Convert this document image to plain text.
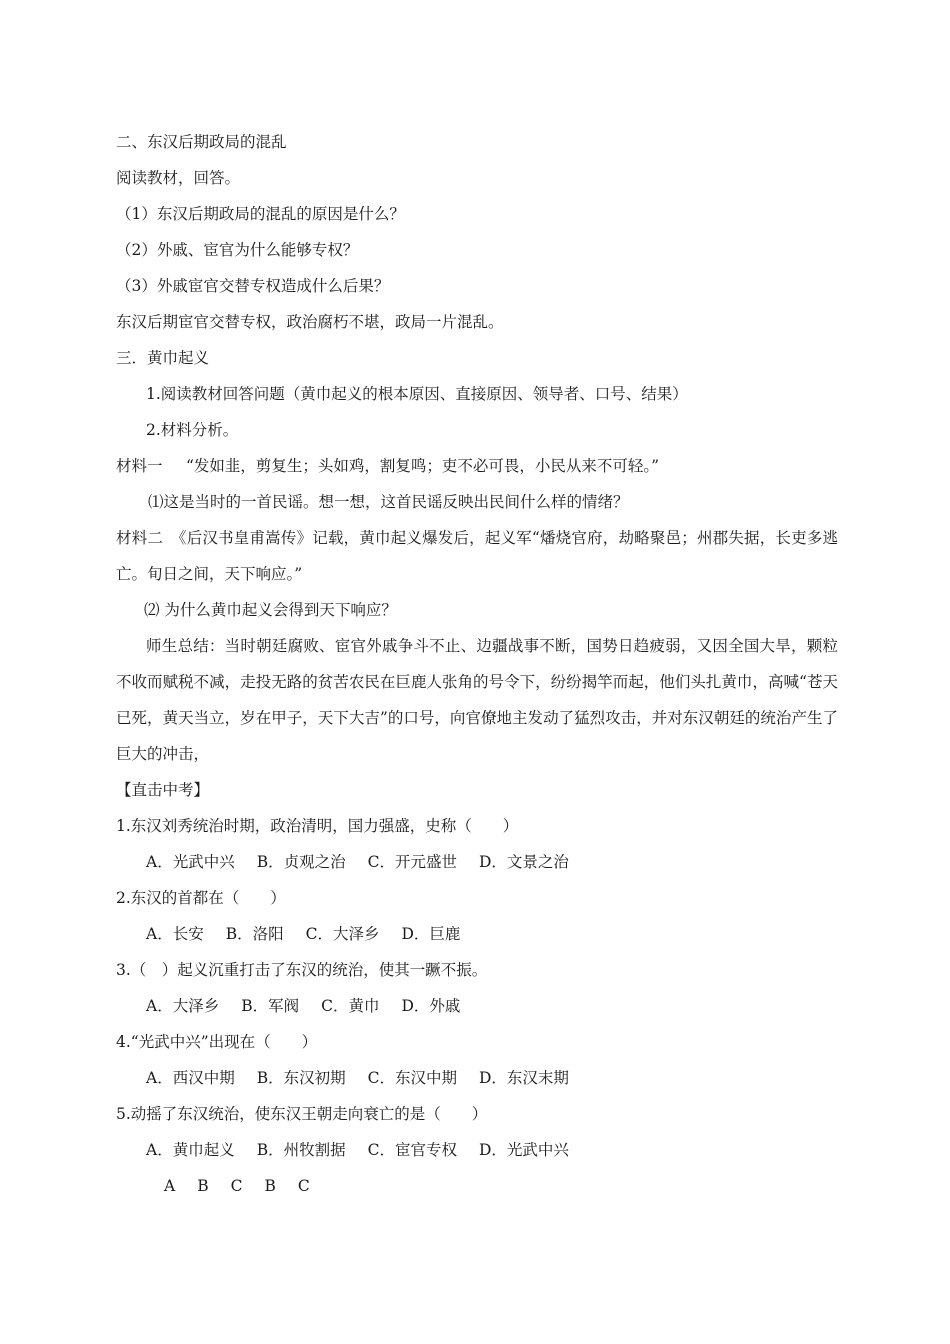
二、东汉后期政局的混乱

阅读教材，回答。

（1）东汉后期政局的混乱的原因是什么？

（2）外戚、宦官为什么能够专权？

（3）外戚宦官交替专权造成什么后果？

东汉后期宦官交替专权，政治腐朽不堪，政局一片混乱。

三．黄巾起义

1.阅读教材回答问题（黄巾起义的根本原因、直接原因、领导者、口号、结果）

2.材料分析。

材料一 “发如韭，剪复生；头如鸡，割复鸣；吏不必可畏，小民从来不可轻。”

⑴这是当时的一首民谣。想一想，这首民谣反映出民间什么样的情绪？

材料二　 《后汉书皇甫嵩传》记载，黄巾起义爆发后，起义军“燔烧官府，劫略聚邑；州郡失据，长吏多逃亡。旬日之间，天下响应。”

⑵ 为什么黄巾起义会得到天下响应？

师生总结：当时朝廷腐败、宦官外戚争斗不止、边疆战事不断，国势日趋疲弱，又因全国大旱，颗粒不收而赋税不减，走投无路的贫苦农民在巨鹿人张角的号令下，纷纷揭竿而起，他们头扎黄巾，高喊“苍天已死，黄天当立，岁在甲子，天下大吉”的口号，向官僚地主发动了猛烈攻击，并对东汉朝廷的统治产生了巨大的冲击，

【直击中考】

1.东汉刘秀统治时期，政治清明，国力强盛，史称（　　）

A．光武中兴 B．贞观之治 C．开元盛世 D．文景之治

2.东汉的首都在（　　）

A．长安 B．洛阳 C．大泽乡 D．巨鹿

3.（　）起义沉重打击了东汉的统治，使其一蹶不振。

A．大泽乡 B．军阀 C．黄巾 D．外戚

4.“光武中兴”出现在（　　）

A．西汉中期 B．东汉初期 C．东汉中期 D．东汉末期

5.动摇了东汉统治，使东汉王朝走向衰亡的是（　　）

A．黄巾起义 B．州牧割据 C．宦官专权 D．光武中兴

A B C B C
